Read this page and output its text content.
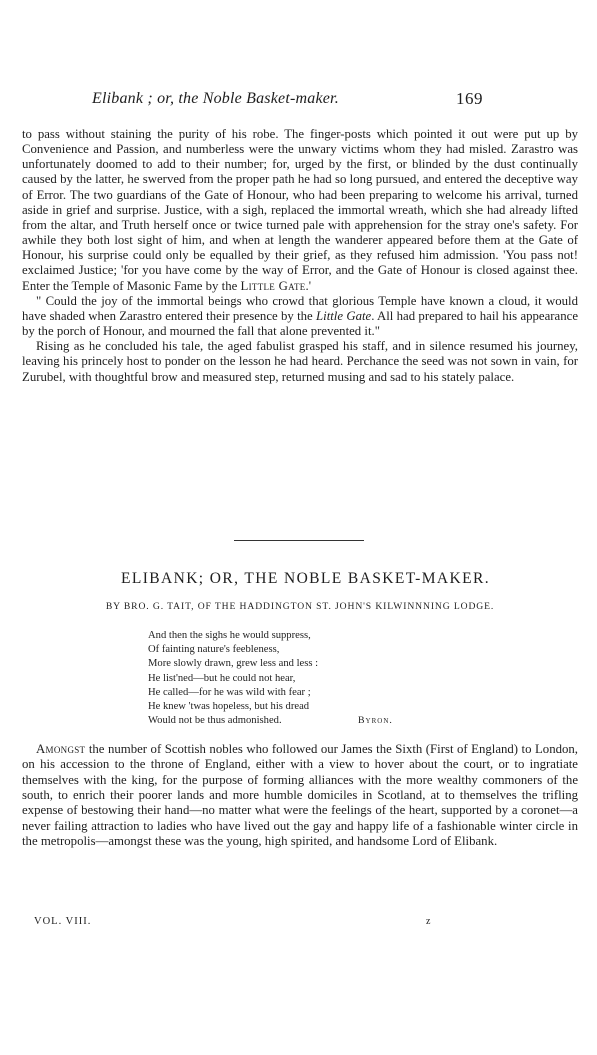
Elibank ; or, the Noble Basket-maker.	169

to pass without staining the purity of his robe. The finger-posts which pointed it out were put up by Convenience and Passion, and numberless were the unwary victims whom they had misled. Zarastro was unfortunately doomed to add to their number; for, urged by the first, or blinded by the dust continually caused by the latter, he swerved from the proper path he had so long pursued, and entered the deceptive way of Error. The two guardians of the Gate of Honour, who had been preparing to welcome his arrival, turned aside in grief and surprise. Justice, with a sigh, replaced the immortal wreath, which she had already lifted from the altar, and Truth herself once or twice turned pale with apprehension for the stray one's safety. For awhile they both lost sight of him, and when at length the wanderer appeared before them at the Gate of Honour, his surprise could only be equalled by their grief, as they refused him admission. 'You pass not! exclaimed Justice; 'for you have come by the way of Error, and the Gate of Honour is closed against thee. Enter the Temple of Masonic Fame by the Little Gate.'

" Could the joy of the immortal beings who crowd that glorious Temple have known a cloud, it would have shaded when Zarastro entered their presence by the Little Gate. All had prepared to hail his appearance by the porch of Honour, and mourned the fall that alone prevented it."

Rising as he concluded his tale, the aged fabulist grasped his staff, and in silence resumed his journey, leaving his princely host to ponder on the lesson he had heard. Perchance the seed was not sown in vain, for Zurubel, with thoughtful brow and measured step, returned musing and sad to his stately palace.

ELIBANK; OR, THE NOBLE BASKET-MAKER.
BY BRO. G. TAIT, OF THE HADDINGTON ST. JOHN'S KILWINNNING LODGE.
And then the sighs he would suppress,
Of fainting nature's feebleness,
More slowly drawn, grew less and less :
He list'ned—but he could not hear,
He called—for he was wild with fear ;
He knew 'twas hopeless, but his dread
Would not be thus admonished.	Byron.

Amongst the number of Scottish nobles who followed our James the Sixth (First of England) to London, on his accession to the throne of England, either with a view to hover about the court, or to ingratiate themselves with the king, for the purpose of forming alliances with the more wealthy commoners of the south, to enrich their poorer lands and more humble domiciles in Scotland, at to themselves the trifling expense of bestowing their hand—no matter what were the feelings of the heart, supported by a coronet—a never failing attraction to ladies who have lived out the gay and happy life of a fashionable winter circle in the metropolis—amongst these was the young, high spirited, and handsome Lord of Elibank.

VOL. VIII.	z
